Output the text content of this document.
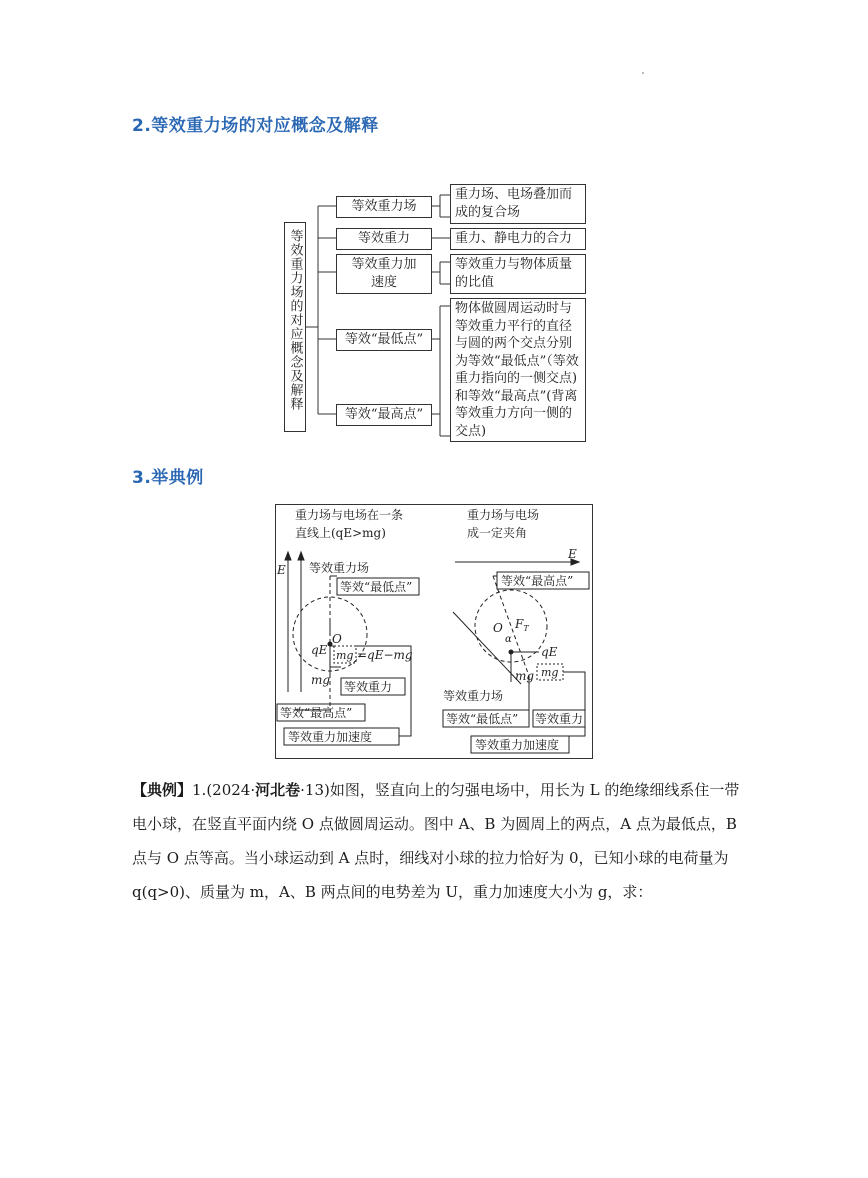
2.等效重力场的对应概念及解释
等效重力场的对应概念及解释
等效重力场
等效重力
等效重力加速度
等效“最低点”
等效“最高点”
重力场、电场叠加而成的复合场
重力、静电力的合力
等效重力与物体质量的比值
物体做圆周运动时与等效重力平行的直径与圆的两个交点分别为等效“最低点”（等效重力指向的一侧交点)和等效“最高点”(背离等效重力方向一侧的交点)
3.举典例
重力场与电场在一条
直线上(qE>mg)
重力场与电场
成一定夹角
E 等效重力场
等效“最低点”
O
qE mg =qE−mg
mg 等效重力
等效“最高点”
等效重力加速度
E
等效“最高点”
O $F_T$
α
qE
mg mg
等效重力场
等效“最低点” 等效重力
等效重力加速度
【典例】1.(2024·河北卷·13)如图，竖直向上的匀强电场中，用长为 L 的绝缘细线系住一带电小球，在竖直平面内绕 O 点做圆周运动。图中 A、B 为圆周上的两点，A 点为最低点，B 点与 O 点等高。当小球运动到 A 点时，细线对小球的拉力恰好为 0，已知小球的电荷量为 q(q>0)、质量为 m，A、B 两点间的电势差为 U，重力加速度大小为 g，求：
